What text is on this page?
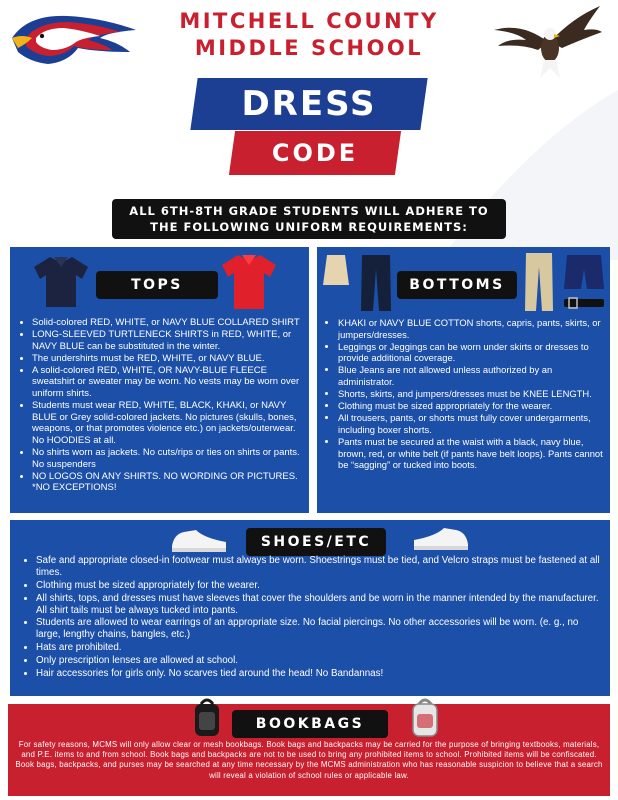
MITCHELL COUNTY
MIDDLE SCHOOL
DRESS
CODE
ALL 6TH-8TH GRADE STUDENTS WILL ADHERE TO
THE FOLLOWING UNIFORM REQUIREMENTS:
TOPS
• Solid-colored RED, WHITE, or NAVY BLUE COLLARED SHIRT
• LONG-SLEEVED TURTLENECK SHIRTS in RED, WHITE, or NAVY BLUE can be substituted in the winter.
• The undershirts must be RED, WHITE, or NAVY BLUE.
• A solid-colored RED, WHITE, OR NAVY-BLUE FLEECE sweatshirt or sweater may be worn. No vests may be worn over uniform shirts.
• Students must wear RED, WHITE, BLACK, KHAKI, or NAVY BLUE or Grey solid-colored jackets. No pictures (skulls, bones, weapons, or that promotes violence etc.) on jackets/outerwear. No HOODIES at all.
• No shirts worn as jackets. No cuts/rips or ties on shirts or pants. No suspenders
• NO LOGOS ON ANY SHIRTS. NO WORDING OR PICTURES. *NO EXCEPTIONS!
BOTTOMS
• KHAKI or NAVY BLUE COTTON shorts, capris, pants, skirts, or jumpers/dresses.
• Leggings or Jeggings can be worn under skirts or dresses to provide additional coverage.
• Blue Jeans are not allowed unless authorized by an administrator.
• Shorts, skirts, and jumpers/dresses must be KNEE LENGTH.
• Clothing must be sized appropriately for the wearer.
• All trousers, pants, or shorts must fully cover undergarments, including boxer shorts.
• Pants must be secured at the waist with a black, navy blue, brown, red, or white belt (if pants have belt loops). Pants cannot be “sagging” or tucked into boots.
SHOES/ETC
• Safe and appropriate closed-in footwear must always be worn. Shoestrings must be tied, and Velcro straps must be fastened at all times.
• Clothing must be sized appropriately for the wearer.
• All shirts, tops, and dresses must have sleeves that cover the shoulders and be worn in the manner intended by the manufacturer. All shirt tails must be always tucked into pants.
• Students are allowed to wear earrings of an appropriate size. No facial piercings. No other accessories will be worn. (e. g., no large, lengthy chains, bangles, etc.)
• Hats are prohibited.
• Only prescription lenses are allowed at school.
• Hair accessories for girls only. No scarves tied around the head! No Bandannas!
BOOKBAGS
For safety reasons, MCMS will only allow clear or mesh bookbags. Book bags and backpacks may be carried for the purpose of bringing textbooks, materials, and P.E. items to and from school. Book bags and backpacks are not to be used to bring any prohibited items to school. Prohibited items will be confiscated. Book bags, backpacks, and purses may be searched at any time necessary by the MCMS administration who has reasonable suspicion to believe that a search will reveal a violation of school rules or applicable law.
